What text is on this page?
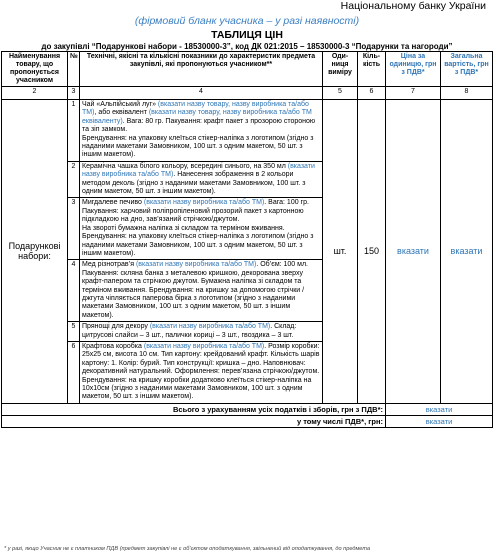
Національному банку України
(фірмовий бланк учасника – у разі наявності)
ТАБЛИЦЯ ЦІН
до закупівлі “Подарункові набори - 18530000-3”, код ДК 021:2015 – 18530000-3 “Подарунки та нагороди”
Найменування товару, що пропонується учасником	№	Технічні, якісні та кількісні показники до характеристик предмета закупівлі, які пропонуються учасником**	Оди-ниця виміру	Кіль-кість	Ціна за одиницю, грн з ПДВ*	Загальна вартість, грн з ПДВ*
2	3	4	5	6	7	8
Подарункові набори:	1	Чай «Альпійський луг» (вказати назву товару, назву виробника та/або ТМ), або еквівалент (вказати назву товару, назву виробника та/або ТМ еквіваленту). Вага: 80 гр. Пакування: крафт пакет з прозорою стороною та зіп замком.
Брендування: на упаковку клеїться стікер-наліпка з логотипом (згідно з наданими макетами Замовником, 100 шт. з одним макетом, 50 шт. з іншим макетом).	шт.	150	вказати	вказати
	2	Керамічна чашка білого кольору, всередині синього, на 350 мл (вказати назву виробника та/або ТМ). Нанесення зображення в 2 кольори методом деколь (згідно з наданими макетами Замовником, 100 шт. з одним макетом, 50 шт. з іншим макетом).				

	3	Мигдалеве печиво (вказати назву виробника та/або ТМ). Вага: 100 гр. Пакування: харчовий поліпропіленовий прозорий пакет з картонною підкладкою на дно, зав’язаний стрічкою/джутом.
На звороті бумажна наліпка зі складом та терміном вживання. Брендування: на упаковку клеїться стікер-наліпка з логотипом (згідно з наданими макетами Замовником, 100 шт. з одним макетом, 50 шт. з іншим макетом).				

	4	Мед різнотрав’я (вказати назву виробника та/або ТМ). Об’єм: 100 мл. Пакування: скляна банка з металевою кришкою, декорована зверху крафт-папером та стрічкою джутом. Бумажна наліпка зі складом та терміном вживання. Брендування: на кришку за допомогою стрічки /джгута чіпляється паперова бірка з логотипом (згідно з наданими макетами Замовником, 100 шт. з одним макетом, 50 шт. з іншим макетом).				

	5	Прянощі для декору (вказати назву виробника та/або ТМ). Склад: цитрусові слайси – 3 шт., палички кориці – 3 шт., гвоздика – 3 шт.				

	6	Крафтова коробка (вказати назву виробника та/або ТМ). Розмір коробки: 25х25 см, висота 10 см. Тип картону: крейдований крафт. Кількість шарів картону: 1. Колір: бурий. Тип конструкції: кришка – дно. Наповнювач: декоративний натуральний. Оформлення: перев’язана стрічкою/джутом. Брендування: на кришку коробки додатково клеїться стікер-наліпка на 10х10см (згідно з наданими макетами Замовником, 100 шт. з одним макетом, 50 шт. з іншим макетом).				

Всього з урахуванням усіх податків і зборів, грн з ПДВ*:					вказати	
у тому числі ПДВ*, грн:					вказати	
* у разі, якщо Учасник не є платником ПДВ (предмет закупівлі не є об’єктом оподаткування, звільнений від оподаткування, до предмета
